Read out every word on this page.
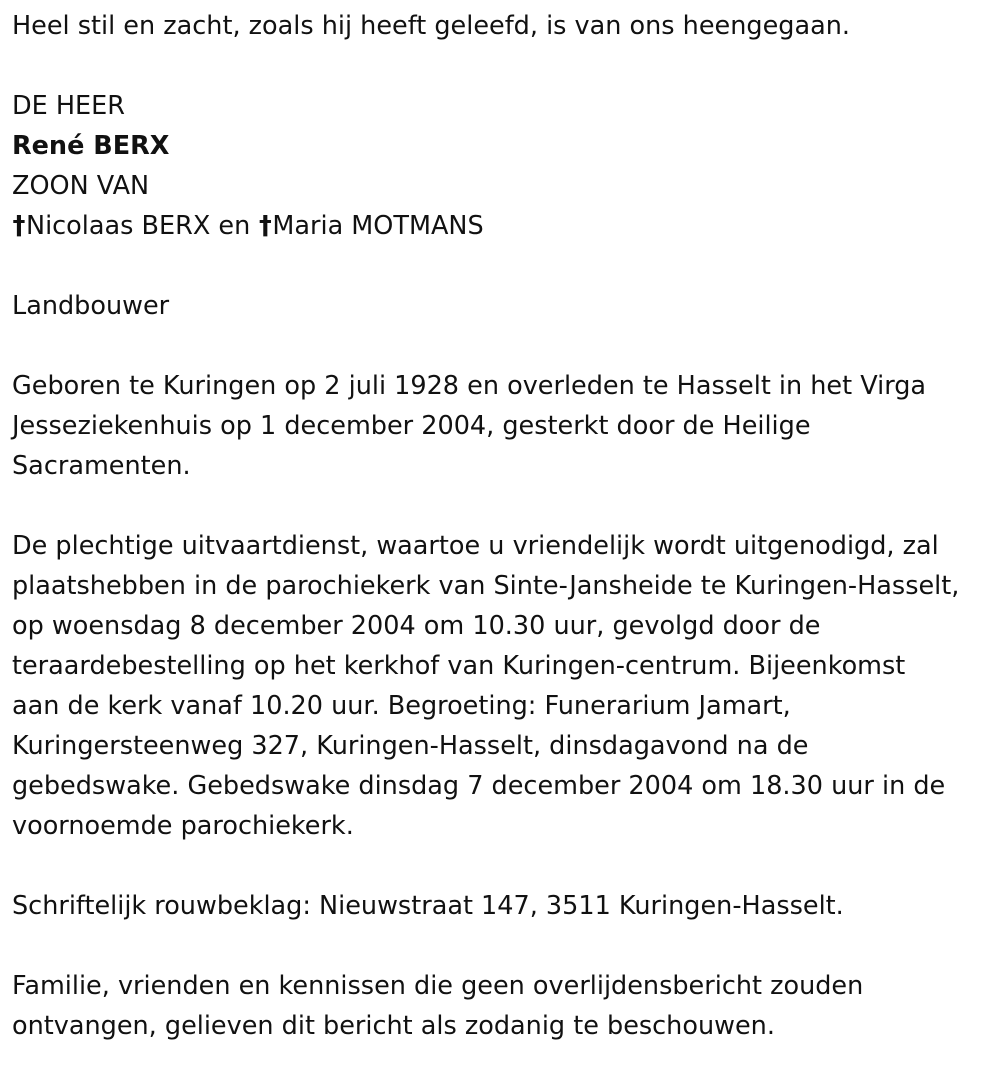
Heel stil en zacht, zoals hij heeft geleefd, is van ons heengegaan.

DE HEER

René BERX

ZOON VAN

†Nicolaas BERX en †Maria MOTMANS

Landbouwer

Geboren te Kuringen op 2 juli 1928 en overleden te Hasselt in het Virga

Jesseziekenhuis op 1 december 2004, gesterkt door de Heilige

Sacramenten.

De plechtige uitvaartdienst, waartoe u vriendelijk wordt uitgenodigd, zal

plaatshebben in de parochiekerk van Sinte-Jansheide te Kuringen-Hasselt,

op woensdag 8 december 2004 om 10.30 uur, gevolgd door de

teraardebestelling op het kerkhof van Kuringen-centrum. Bijeenkomst

aan de kerk vanaf 10.20 uur. Begroeting: Funerarium Jamart,

Kuringersteenweg 327, Kuringen-Hasselt, dinsdagavond na de

gebedswake. Gebedswake dinsdag 7 december 2004 om 18.30 uur in de

voornoemde parochiekerk.

Schriftelijk rouwbeklag: Nieuwstraat 147, 3511 Kuringen-Hasselt.

Familie, vrienden en kennissen die geen overlijdensbericht zouden

ontvangen, gelieven dit bericht als zodanig te beschouwen.
